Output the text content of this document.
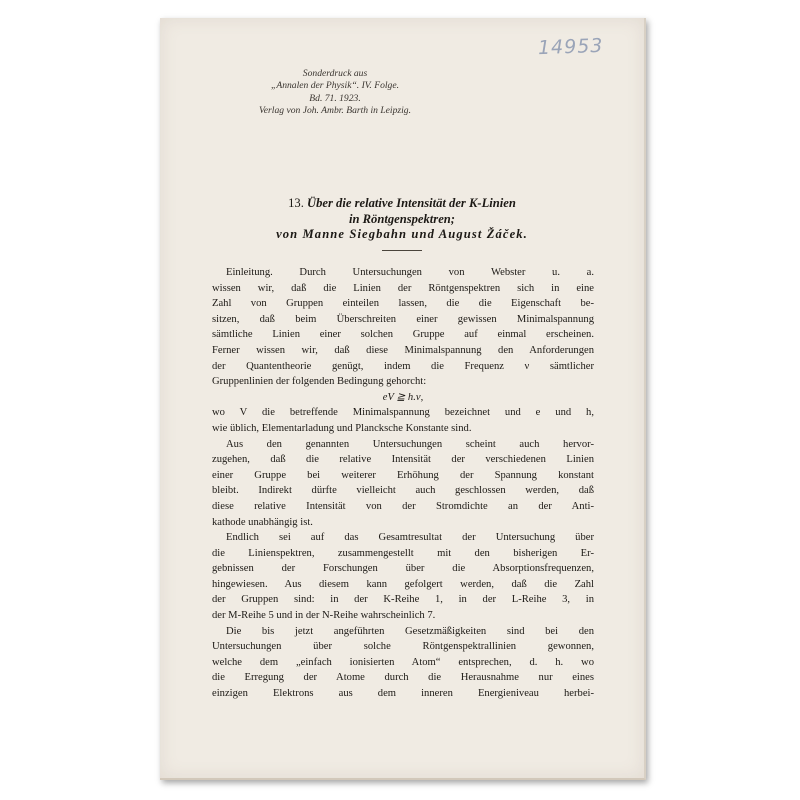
14953
Sonderdruck aus
„Annalen der Physik“. IV. Folge.
Bd. 71. 1923.
Verlag von Joh. Ambr. Barth in Leipzig.
13. Über die relative Intensität der K-Linien
in Röntgenspektren;
von Manne Siegbahn und August Žáček.
Einleitung. Durch Untersuchungen von Webster u. a.
wissen wir, daß die Linien der Röntgenspektren sich in eine
Zahl von Gruppen einteilen lassen, die die Eigenschaft be-
sitzen, daß beim Überschreiten einer gewissen Minimalspannung
sämtliche Linien einer solchen Gruppe auf einmal erscheinen.
Ferner wissen wir, daß diese Minimalspannung den Anforderungen
der Quantentheorie genügt, indem die Frequenz ν sämtlicher
Gruppenlinien der folgenden Bedingung gehorcht:
eV ≧ h.ν,
wo V die betreffende Minimalspannung bezeichnet und e und h,
wie üblich, Elementarladung und Plancksche Konstante sind.
Aus den genannten Untersuchungen scheint auch hervor-
zugehen, daß die relative Intensität der verschiedenen Linien
einer Gruppe bei weiterer Erhöhung der Spannung konstant
bleibt. Indirekt dürfte vielleicht auch geschlossen werden, daß
diese relative Intensität von der Stromdichte an der Anti-
kathode unabhängig ist.
Endlich sei auf das Gesamtresultat der Untersuchung über
die Linienspektren, zusammengestellt mit den bisherigen Er-
gebnissen der Forschungen über die Absorptionsfrequenzen,
hingewiesen. Aus diesem kann gefolgert werden, daß die Zahl
der Gruppen sind: in der K-Reihe 1, in der L-Reihe 3, in
der M-Reihe 5 und in der N-Reihe wahrscheinlich 7.
Die bis jetzt angeführten Gesetzmäßigkeiten sind bei den
Untersuchungen über solche Röntgenspektrallinien gewonnen,
welche dem „einfach ionisierten Atom“ entsprechen, d. h. wo
die Erregung der Atome durch die Herausnahme nur eines
einzigen Elektrons aus dem inneren Energieniveau herbei-
